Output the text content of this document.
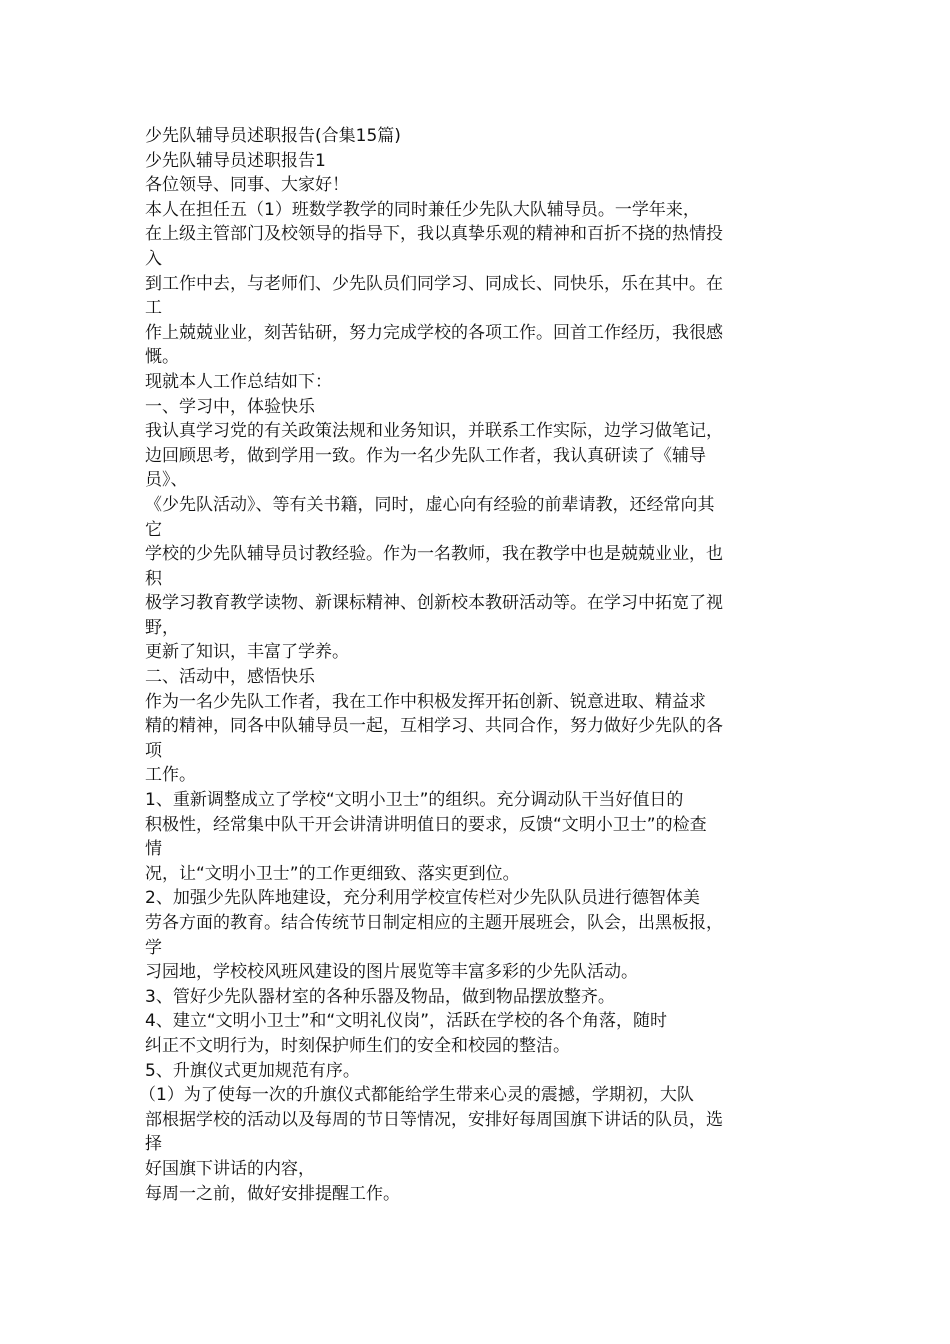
少先队辅导员述职报告(合集15篇)
少先队辅导员述职报告1
各位领导、同事、大家好！
本人在担任五（1）班数学教学的同时兼任少先队大队辅导员。一学年来，
在上级主管部门及校领导的指导下，我以真挚乐观的精神和百折不挠的热情投
入
到工作中去，与老师们、少先队员们同学习、同成长、同快乐，乐在其中。在
工
作上兢兢业业，刻苦钻研，努力完成学校的各项工作。回首工作经历，我很感
慨。
现就本人工作总结如下：
一、学习中，体验快乐
我认真学习党的有关政策法规和业务知识，并联系工作实际，边学习做笔记，
边回顾思考，做到学用一致。作为一名少先队工作者，我认真研读了《辅导
员》、
《少先队活动》、等有关书籍，同时，虚心向有经验的前辈请教，还经常向其
它
学校的少先队辅导员讨教经验。作为一名教师，我在教学中也是兢兢业业，也
积
极学习教育教学读物、新课标精神、创新校本教研活动等。在学习中拓宽了视
野，
更新了知识，丰富了学养。
二、活动中，感悟快乐
作为一名少先队工作者，我在工作中积极发挥开拓创新、锐意进取、精益求
精的精神，同各中队辅导员一起，互相学习、共同合作，努力做好少先队的各
项
工作。
1、重新调整成立了学校“文明小卫士”的组织。充分调动队干当好值日的
积极性，经常集中队干开会讲清讲明值日的要求，反馈“文明小卫士”的检查
情
况，让“文明小卫士”的工作更细致、落实更到位。
2、加强少先队阵地建设，充分利用学校宣传栏对少先队队员进行德智体美
劳各方面的教育。结合传统节日制定相应的主题开展班会，队会，出黑板报，
学
习园地，学校校风班风建设的图片展览等丰富多彩的少先队活动。
3、管好少先队器材室的各种乐器及物品，做到物品摆放整齐。
4、建立“文明小卫士”和“文明礼仪岗”，活跃在学校的各个角落，随时
纠正不文明行为，时刻保护师生们的安全和校园的整洁。
5、升旗仪式更加规范有序。
（1）为了使每一次的升旗仪式都能给学生带来心灵的震撼，学期初，大队
部根据学校的活动以及每周的节日等情况，安排好每周国旗下讲话的队员，选
择
好国旗下讲话的内容，
每周一之前，做好安排提醒工作。
